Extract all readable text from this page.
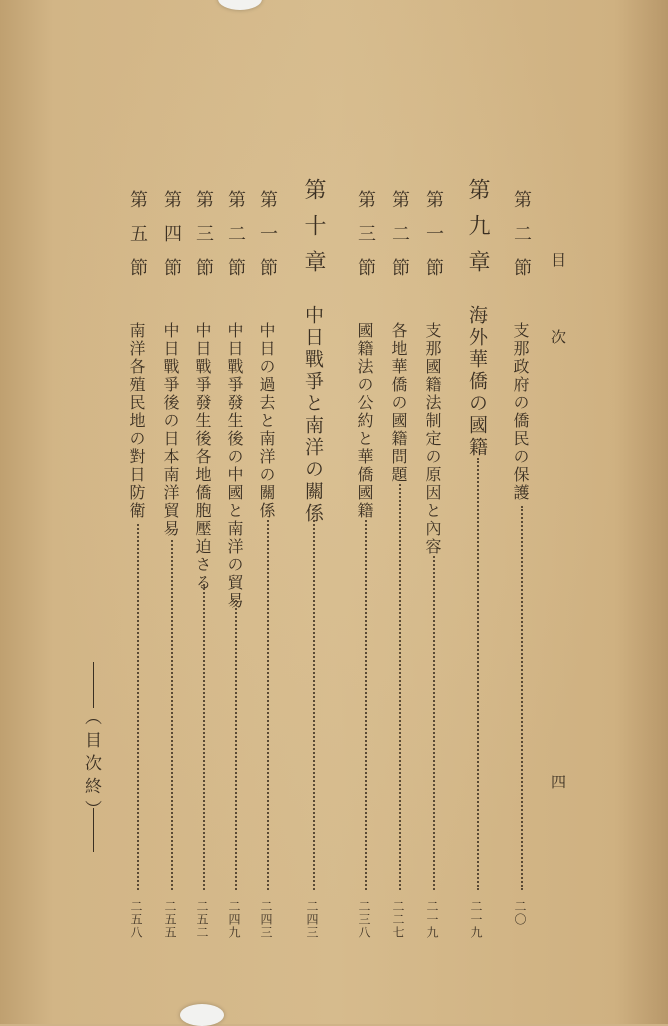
目次
四
第二節
支那政府の僑民の保護
二〇
第九章
海外華僑の國籍
二一九
第一節
支那國籍法制定の原因と內容
二一九
第二節
各地華僑の國籍問題
二二七
第三節
國籍法の公約と華僑國籍
二三八
第十章
中日戰爭と南洋の關係
二四三
第一節
中日の過去と南洋の關係
二四三
第二節
中日戰爭發生後の中國と南洋の貿易
二四九
第三節
中日戰爭發生後各地僑胞壓迫さる
二五二
第四節
中日戰爭後の日本南洋貿易
二五五
第五節
南洋各殖民地の對日防衛
二五八
（目次終）
